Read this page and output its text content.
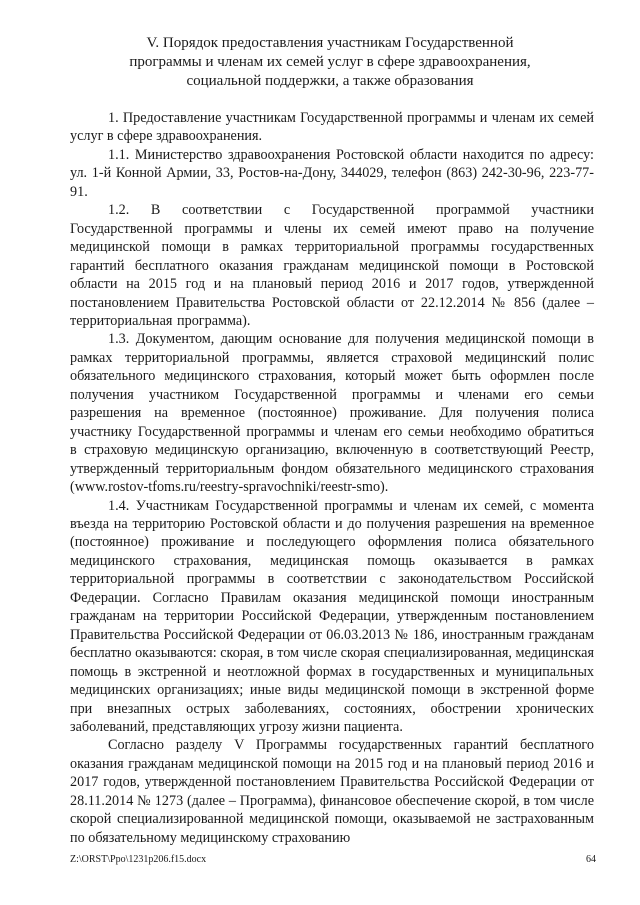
V. Порядок предоставления участникам Государственной
программы и членам их семей услуг в сфере здравоохранения,
социальной поддержки, а также образования

1. Предоставление участникам Государственной программы и членам их семей услуг в сфере здравоохранения.

1.1. Министерство здравоохранения Ростовской области находится по адресу: ул. 1-й Конной Армии, 33, Ростов-на-Дону, 344029, телефон (863) 242-30-96, 223-77-91.

1.2. В соответствии с Государственной программой участники Государственной программы и члены их семей имеют право на получение медицинской помощи в рамках территориальной программы государственных гарантий бесплатного оказания гражданам медицинской помощи в Ростовской области на 2015 год и на плановый период 2016 и 2017 годов, утвержденной постановлением Правительства Ростовской области от 22.12.2014 № 856 (далее – территориальная программа).

1.3. Документом, дающим основание для получения медицинской помощи в рамках территориальной программы, является страховой медицинский полис обязательного медицинского страхования, который может быть оформлен после получения участником Государственной программы и членами его семьи разрешения на временное (постоянное) проживание. Для получения полиса участнику Государственной программы и членам его семьи необходимо обратиться в страховую медицинскую организацию, включенную в соответствующий Реестр, утвержденный территориальным фондом обязательного медицинского страхования (www.rostov-tfoms.ru/reestry-spravochniki/reestr-smo).

1.4. Участникам Государственной программы и членам их семей, с момента въезда на территорию Ростовской области и до получения разрешения на временное (постоянное) проживание и последующего оформления полиса обязательного медицинского страхования, медицинская помощь оказывается в рамках территориальной программы в соответствии с законодательством Российской Федерации. Согласно Правилам оказания медицинской помощи иностранным гражданам на территории Российской Федерации, утвержденным постановлением Правительства Российской Федерации от 06.03.2013 № 186, иностранным гражданам бесплатно оказываются: скорая, в том числе скорая специализированная, медицинская помощь в экстренной и неотложной формах в государственных и муниципальных медицинских организациях; иные виды медицинской помощи в экстренной форме при внезапных острых заболеваниях, состояниях, обострении хронических заболеваний, представляющих угрозу жизни пациента.

Согласно разделу V Программы государственных гарантий бесплатного оказания гражданам медицинской помощи на 2015 год и на плановый период 2016 и 2017 годов, утвержденной постановлением Правительства Российской Федерации от 28.11.2014 № 1273 (далее – Программа), финансовое обеспечение скорой, в том числе скорой специализированной медицинской помощи, оказываемой не застрахованным по обязательному медицинскому страхованию

Z:\ORST\Ppo\1231p206.f15.docx	64
